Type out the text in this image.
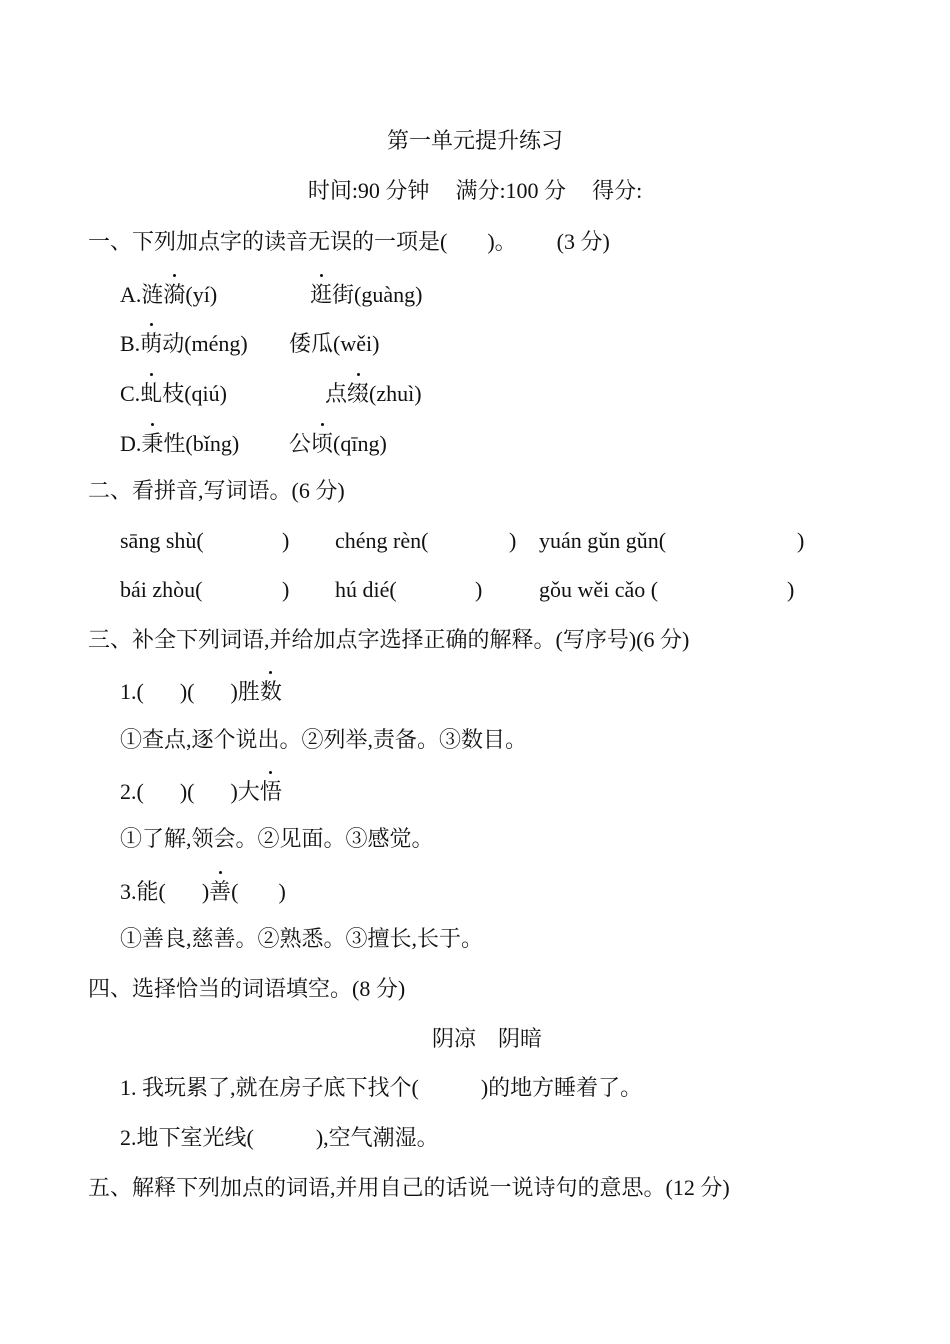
第一单元提升练习
时间:90 分钟 满分:100 分 得分:
一、下列加点字的读音无误的一项是( )。 (3 分)
A.涟漪(yí)	逛街(guàng)
B.萌动(méng) 倭瓜(wěi)
C.虬枝(qiú)	点缀(zhuì)
D.秉性(bǐng) 公顷(qīng)
二、看拼音,写词语。(6 分)
sāng shù(	) chéng rèn(	) yuán gǔn gǔn(	)
bái zhòu(	) hú dié(	)	gǒu wěi cǎo (	)
三、补全下列词语,并给加点字选择正确的解释。(写序号)(6 分)
1.( )( )胜数
①查点,逐个说出。②列举,责备。③数目。
2.( )( )大悟
①了解,领会。②见面。③感觉。
3.能( )善( )
①善良,慈善。②熟悉。③擅长,长于。
四、选择恰当的词语填空。(8 分)
阴凉　阴暗
1. 我玩累了,就在房子底下找个(	)的地方睡着了。
2.地下室光线(	),空气潮湿。
五、解释下列加点的词语,并用自己的话说一说诗句的意思。(12 分)
